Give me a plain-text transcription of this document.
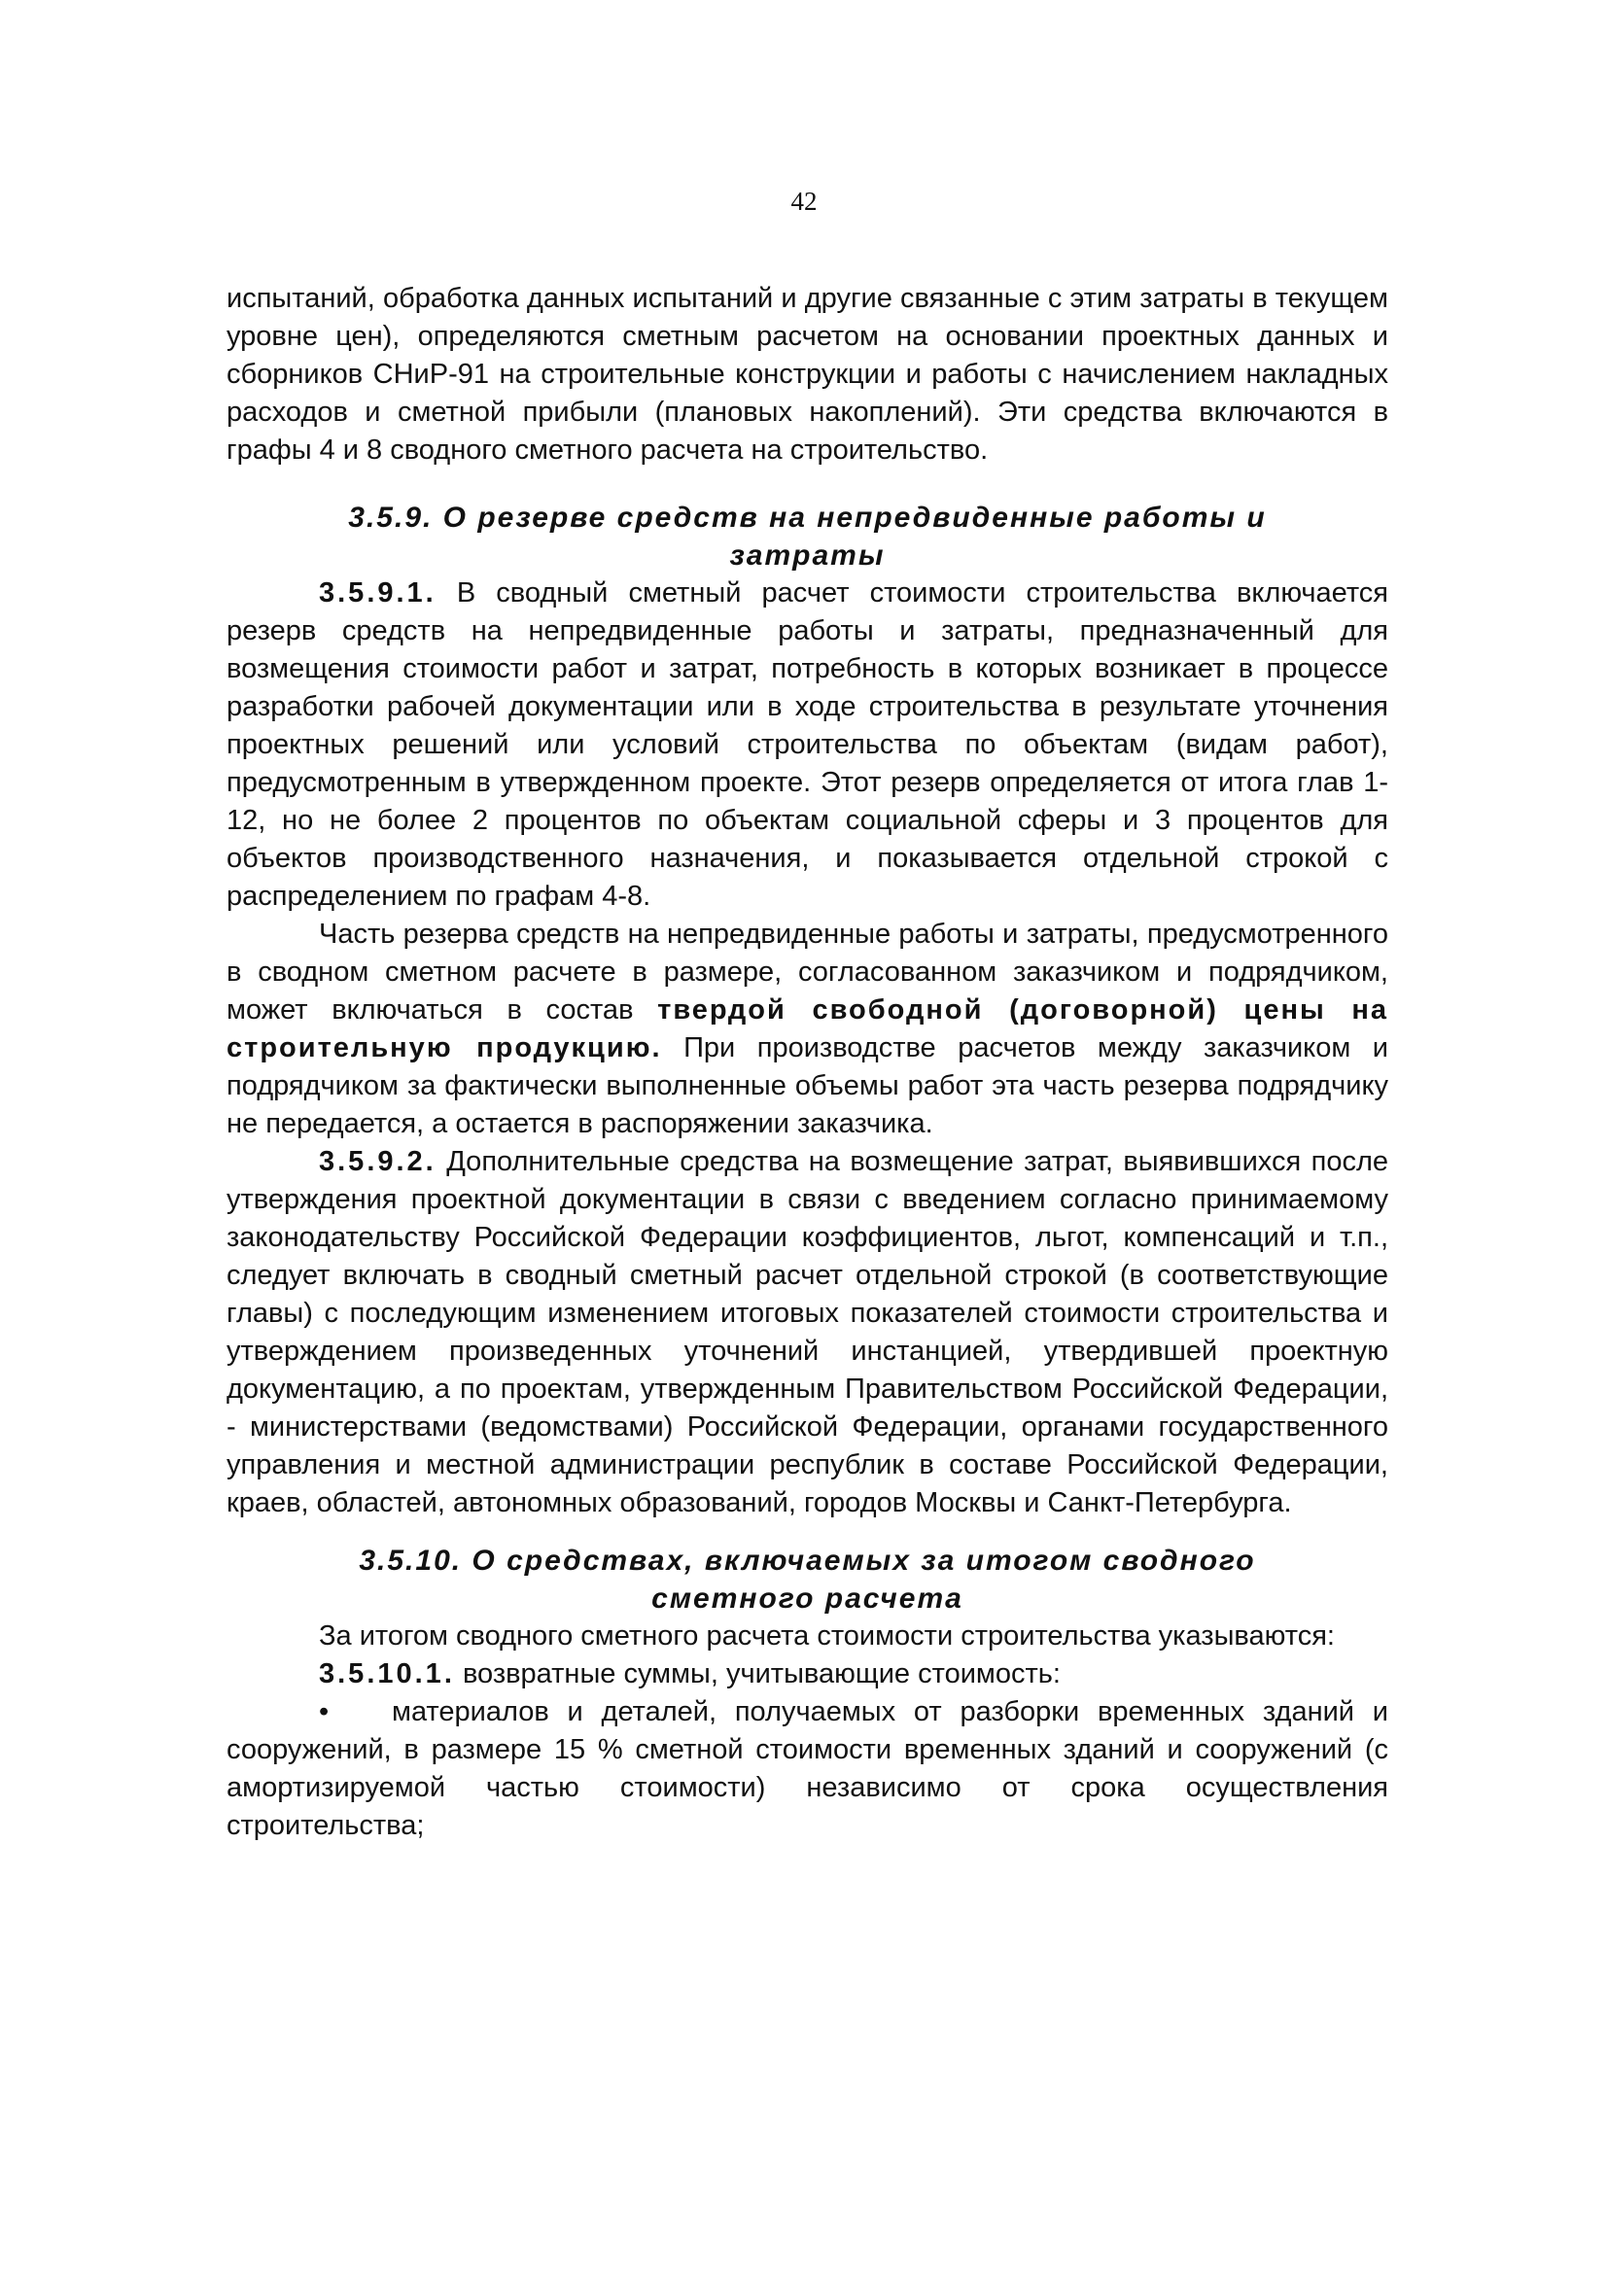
42

испытаний, обработка данных испытаний и другие связанные с этим затраты в текущем уровне цен), определяются сметным расчетом на основании проектных данных и сборников СНиР-91 на строительные конструкции и работы с начислением накладных расходов и сметной прибыли (плановых накоплений). Эти средства включаются в графы 4 и 8 сводного сметного расчета на строительство.

3.5.9. О резерве средств на непредвиденные работы и затраты

3.5.9.1. В сводный сметный расчет стоимости строительства включается резерв средств на непредвиденные работы и затраты, предназначенный для возмещения стоимости работ и затрат, потребность в которых возникает в процессе разработки рабочей документации или в ходе строительства в результате уточнения проектных решений или условий строительства по объектам (видам работ), предусмотренным в утвержденном проекте. Этот резерв определяется от итога глав 1-12, но не более 2 процентов по объектам социальной сферы и 3 процентов для объектов производственного назначения, и показывается отдельной строкой с распределением по графам 4-8.

Часть резерва средств на непредвиденные работы и затраты, предусмотренного в сводном сметном расчете в размере, согласованном заказчиком и подрядчиком, может включаться в состав твердой свободной (договорной) цены на строительную продукцию. При производстве расчетов между заказчиком и подрядчиком за фактически выполненные объемы работ эта часть резерва подрядчику не передается, а остается в распоряжении заказчика.

3.5.9.2. Дополнительные средства на возмещение затрат, выявившихся после утверждения проектной документации в связи с введением согласно принимаемому законодательству Российской Федерации коэффициентов, льгот, компенсаций и т.п., следует включать в сводный сметный расчет отдельной строкой (в соответствующие главы) с последующим изменением итоговых показателей стоимости строительства и утверждением произведенных уточнений инстанцией, утвердившей проектную документацию, а по проектам, утвержденным Правительством Российской Федерации, - министерствами (ведомствами) Российской Федерации, органами государственного управления и местной администрации республик в составе Российской Федерации, краев, областей, автономных образований, городов Москвы и Санкт-Петербурга.

3.5.10. О средствах, включаемых за итогом сводного сметного расчета

За итогом сводного сметного расчета стоимости строительства указываются:

3.5.10.1. возвратные суммы, учитывающие стоимость:

• материалов и деталей, получаемых от разборки временных зданий и сооружений, в размере 15 % сметной стоимости временных зданий и сооружений (с амортизируемой частью стоимости) независимо от срока осуществления строительства;
